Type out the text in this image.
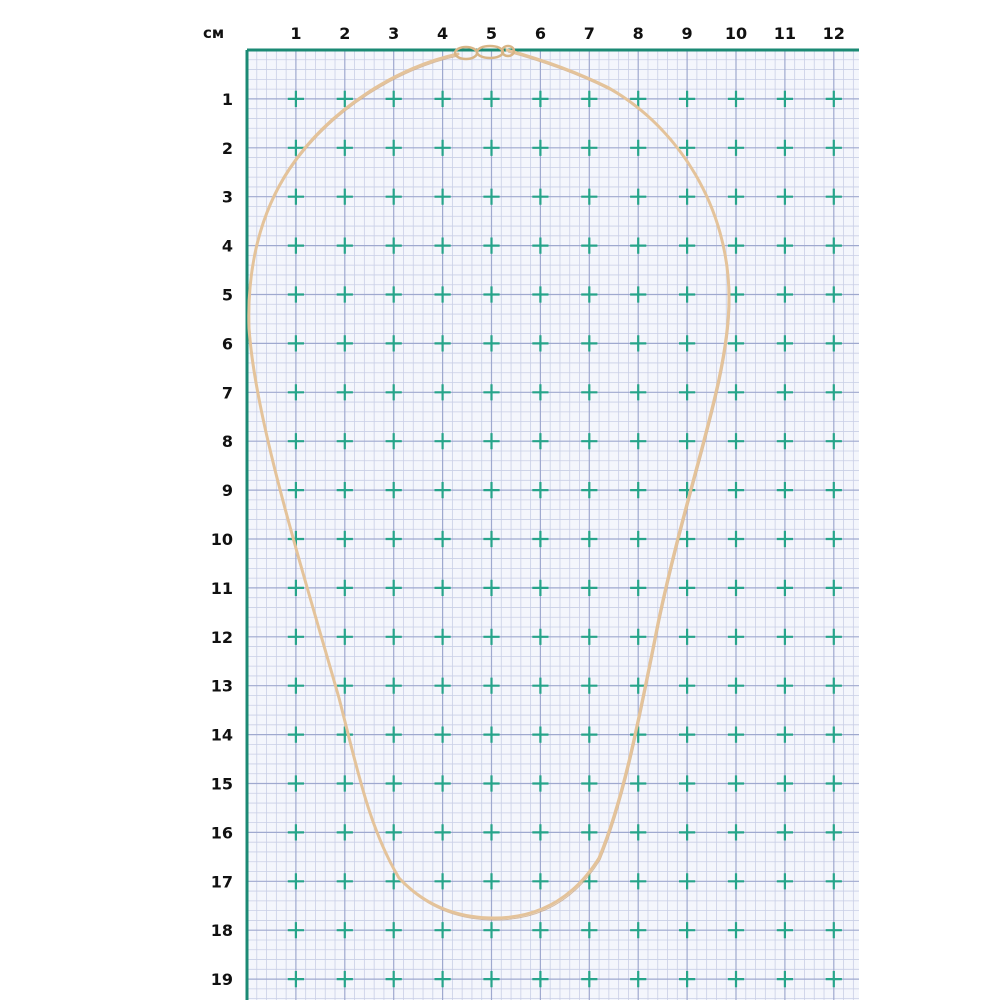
см	1 2 3 4 5 6 7 8 9 10 11 12
1
2
3
4
5
6
7
8
9
10
11
12
13
14
15
16
17
18
19
